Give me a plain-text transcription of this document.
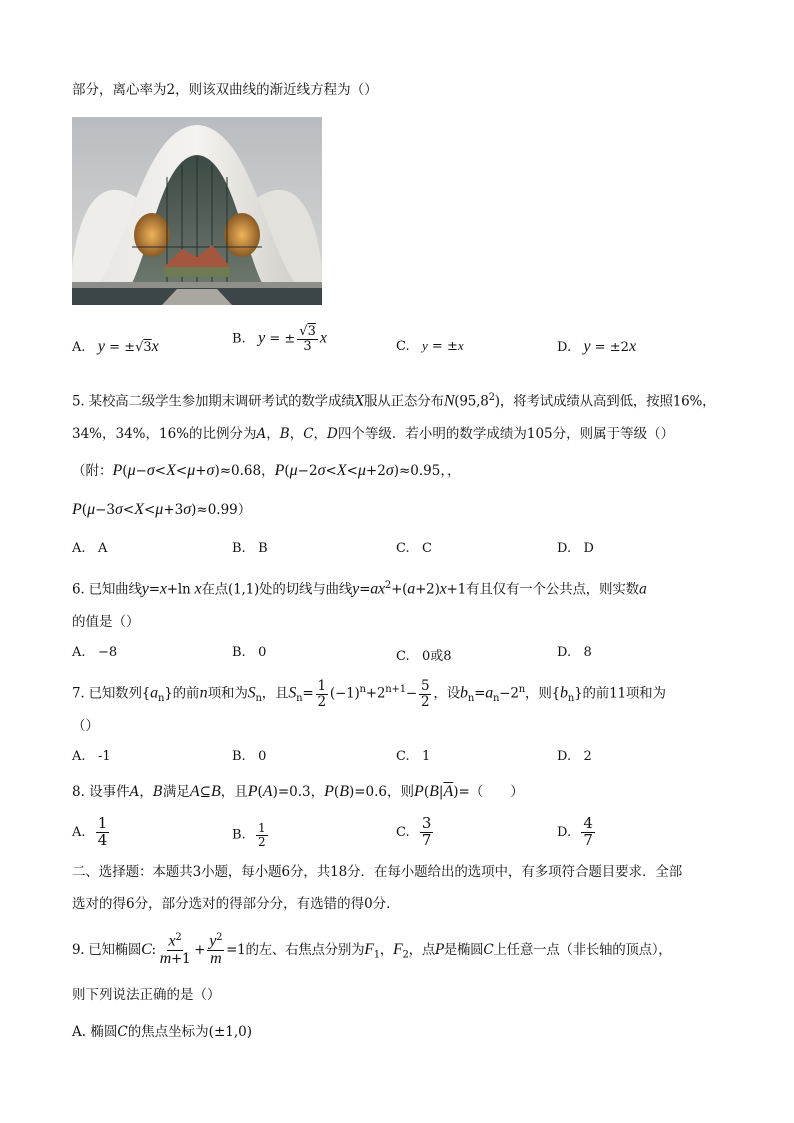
部分，离心率为2，则该双曲线的渐近线方程为（）
A.   y = ±√3x	B.   y = ± $\frac{√3}{3}$ x	C.   y = ±x	D.   y = ±2x
5. 某校高二级学生参加期末调研考试的数学成绩X服从正态分布N(95,8$^2$)，将考试成绩从高到低，按照16%，
34%，34%，16%的比例分为A，B，C，D四个等级．若小明的数学成绩为105分，则属于等级（）
（附：P(μ−σ<X<μ+σ)≈0.68，P(μ−2σ<X<μ+2σ)≈0.95，，
P(μ−3σ<X<μ+3σ)≈0.99）
A. A	B. B	C. C	D. D
6. 已知曲线y=x+ln x在点(1,1)处的切线与曲线$y=ax^2+(a+2)x+1$有且仅有一个公共点，则实数a
的值是（）
A. −8	B. 0	C. 0或8	D. 8
7. 已知数列$\{a_n\}$的前n项和为$S_n$，且$S_n= \frac{1}{2} (-1)^n+2^{n+1}- \frac{5}{2}$ ，设$b_n=a_n-2^n$，则$\{b_n\}$的前11项和为
（）
A. -1	B. 0	C. 1	D. 2
8. 设事件A，B满足A⊆B，且P(A)=0.3，P(B)=0.6，则$P(B|\overline{A})=$（　　）
A. $\frac{1}{4}$	B. $\frac{1}{2}$	C. $\frac{3}{7}$	D. $\frac{4}{7}$
二、选择题：本题共3小题，每小题6分，共18分．在每小题给出的选项中，有多项符合题目要求．全部
选对的得6分，部分选对的得部分分，有选错的得0分．
9. 已知椭圆C: $\frac{x^2}{m+1} + \frac{y^2}{m} =1$的左、右焦点分别为$F_1$，$F_2$，点P是椭圆C上任意一点（非长轴的顶点），
则下列说法正确的是（）
A. 椭圆C的焦点坐标为(±1,0)
